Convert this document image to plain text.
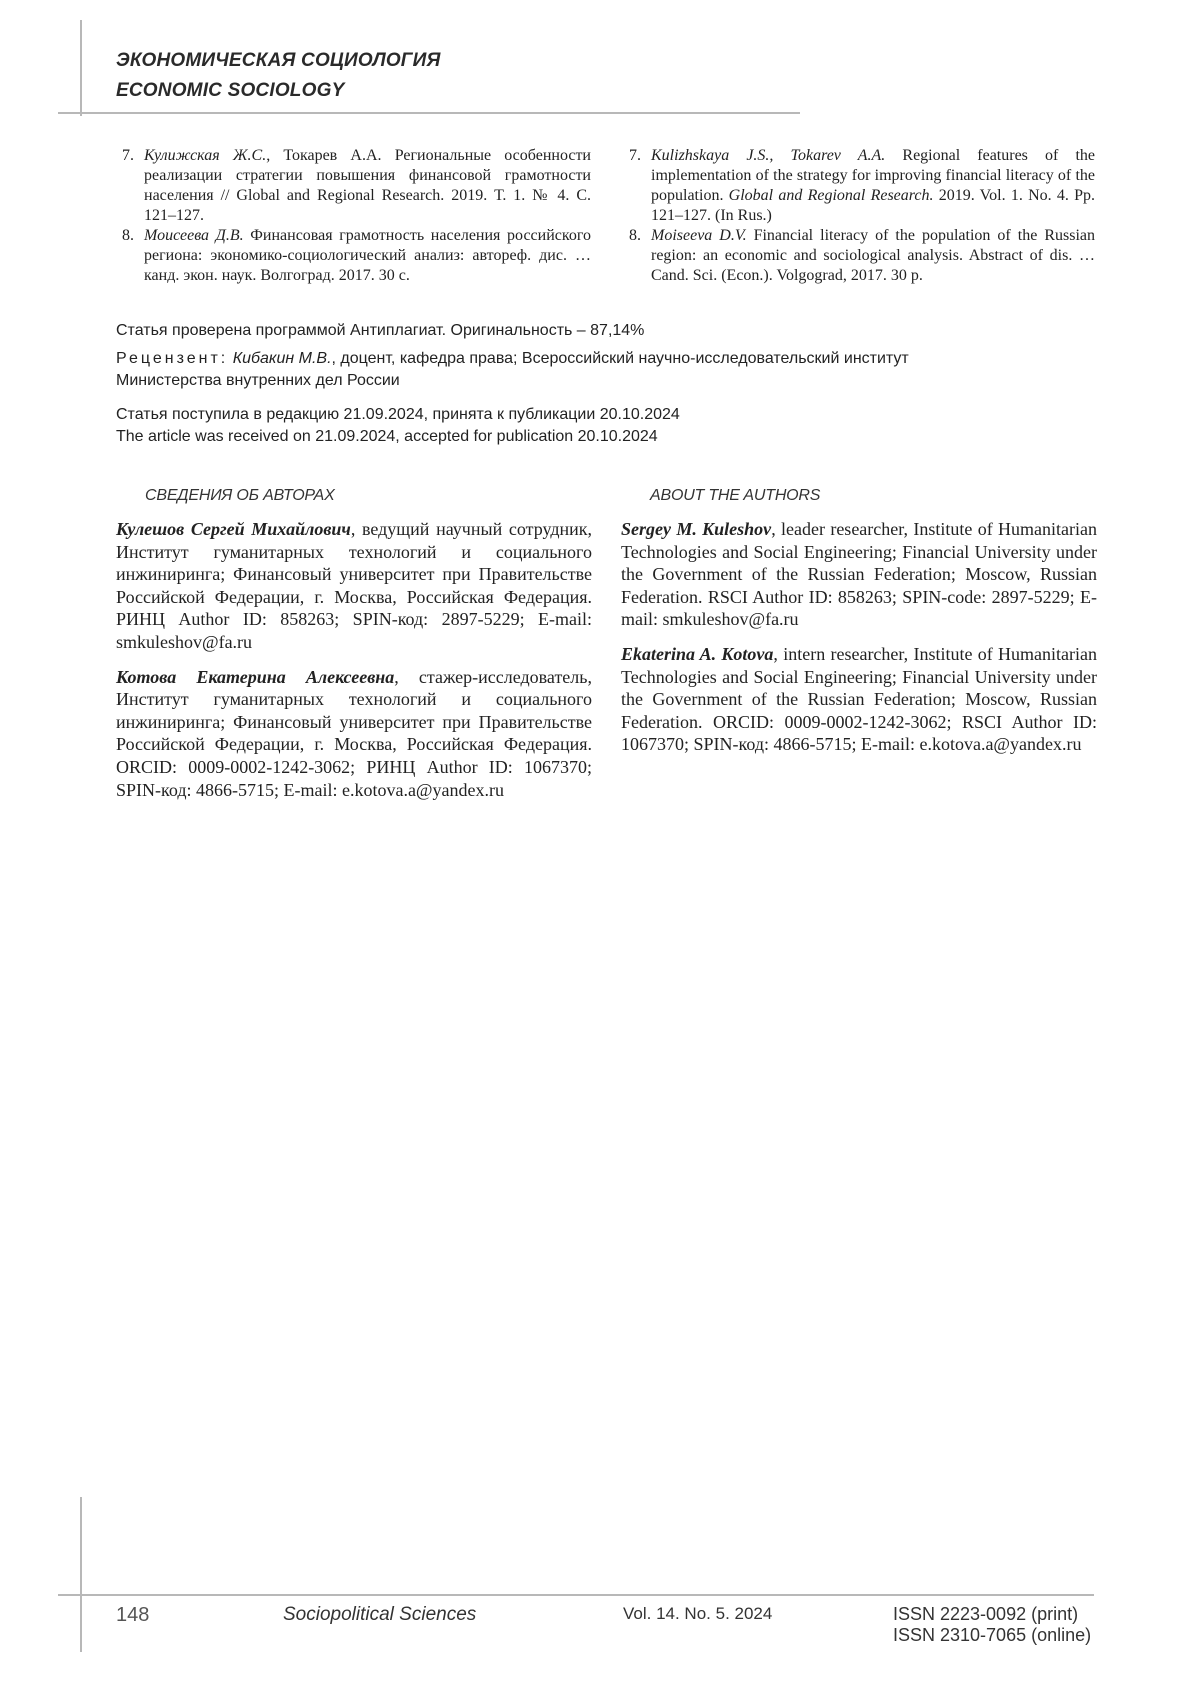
ЭКОНОМИЧЕСКАЯ СОЦИОЛОГИЯ
ECONOMIC SOCIOLOGY
7. Кулижская Ж.С., Токарев А.А. Региональные особенности реализации стратегии повышения финансовой грамотности населения // Global and Regional Research. 2019. Т. 1. № 4. С. 121–127.
8. Моисеева Д.В. Финансовая грамотность населения российского региона: экономико-социологический анализ: автореф. дис. … канд. экон. наук. Волгоград. 2017. 30 с.
7. Kulizhskaya J.S., Tokarev A.A. Regional features of the implementation of the strategy for improving financial literacy of the population. Global and Regional Research. 2019. Vol. 1. No. 4. Pp. 121–127. (In Rus.)
8. Moiseeva D.V. Financial literacy of the population of the Russian region: an economic and sociological analysis. Abstract of dis. … Cand. Sci. (Econ.). Volgograd, 2017. 30 p.
Статья проверена программой Антиплагиат. Оригинальность – 87,14%
Рецензент: Кибакин М.В., доцент, кафедра права; Всероссийский научно-исследовательский институт
Министерства внутренних дел России
Статья поступила в редакцию 21.09.2024, принята к публикации 20.10.2024
The article was received on 21.09.2024, accepted for publication 20.10.2024
СВЕДЕНИЯ ОБ АВТОРАХ	ABOUT THE AUTHORS

Кулешов Сергей Михайлович, ведущий научный сотрудник, Институт гуманитарных технологий и социального инжиниринга; Финансовый университет при Правительстве Российской Федерации, г. Москва, Российская Федерация. РИНЦ Author ID: 858263; SPIN-код: 2897-5229; E-mail: smkuleshov@fa.ru

Котова Екатерина Алексеевна, стажер-исследователь, Институт гуманитарных технологий и социального инжиниринга; Финансовый университет при Правительстве Российской Федерации, г. Москва, Российская Федерация. ORCID: 0009-0002-1242-3062; РИНЦ Author ID: 1067370; SPIN-код: 4866-5715; E-mail: e.kotova.a@yandex.ru

Sergey M. Kuleshov, leader researcher, Institute of Humanitarian Technologies and Social Engineering; Financial University under the Government of the Russian Federation; Moscow, Russian Federation. RSCI Author ID: 858263; SPIN-code: 2897-5229; E-mail: smkuleshov@fa.ru

Ekaterina A. Kotova, intern researcher, Institute of Humanitarian Technologies and Social Engineering; Financial University under the Government of the Russian Federation; Moscow, Russian Federation. ORCID: 0009-0002-1242-3062; RSCI Author ID: 1067370; SPIN-код: 4866-5715; E-mail: e.kotova.a@yandex.ru

148	Sociopolitical Sciences	Vol. 14. No. 5. 2024	ISSN 2223-0092 (print)
ISSN 2310-7065 (online)
